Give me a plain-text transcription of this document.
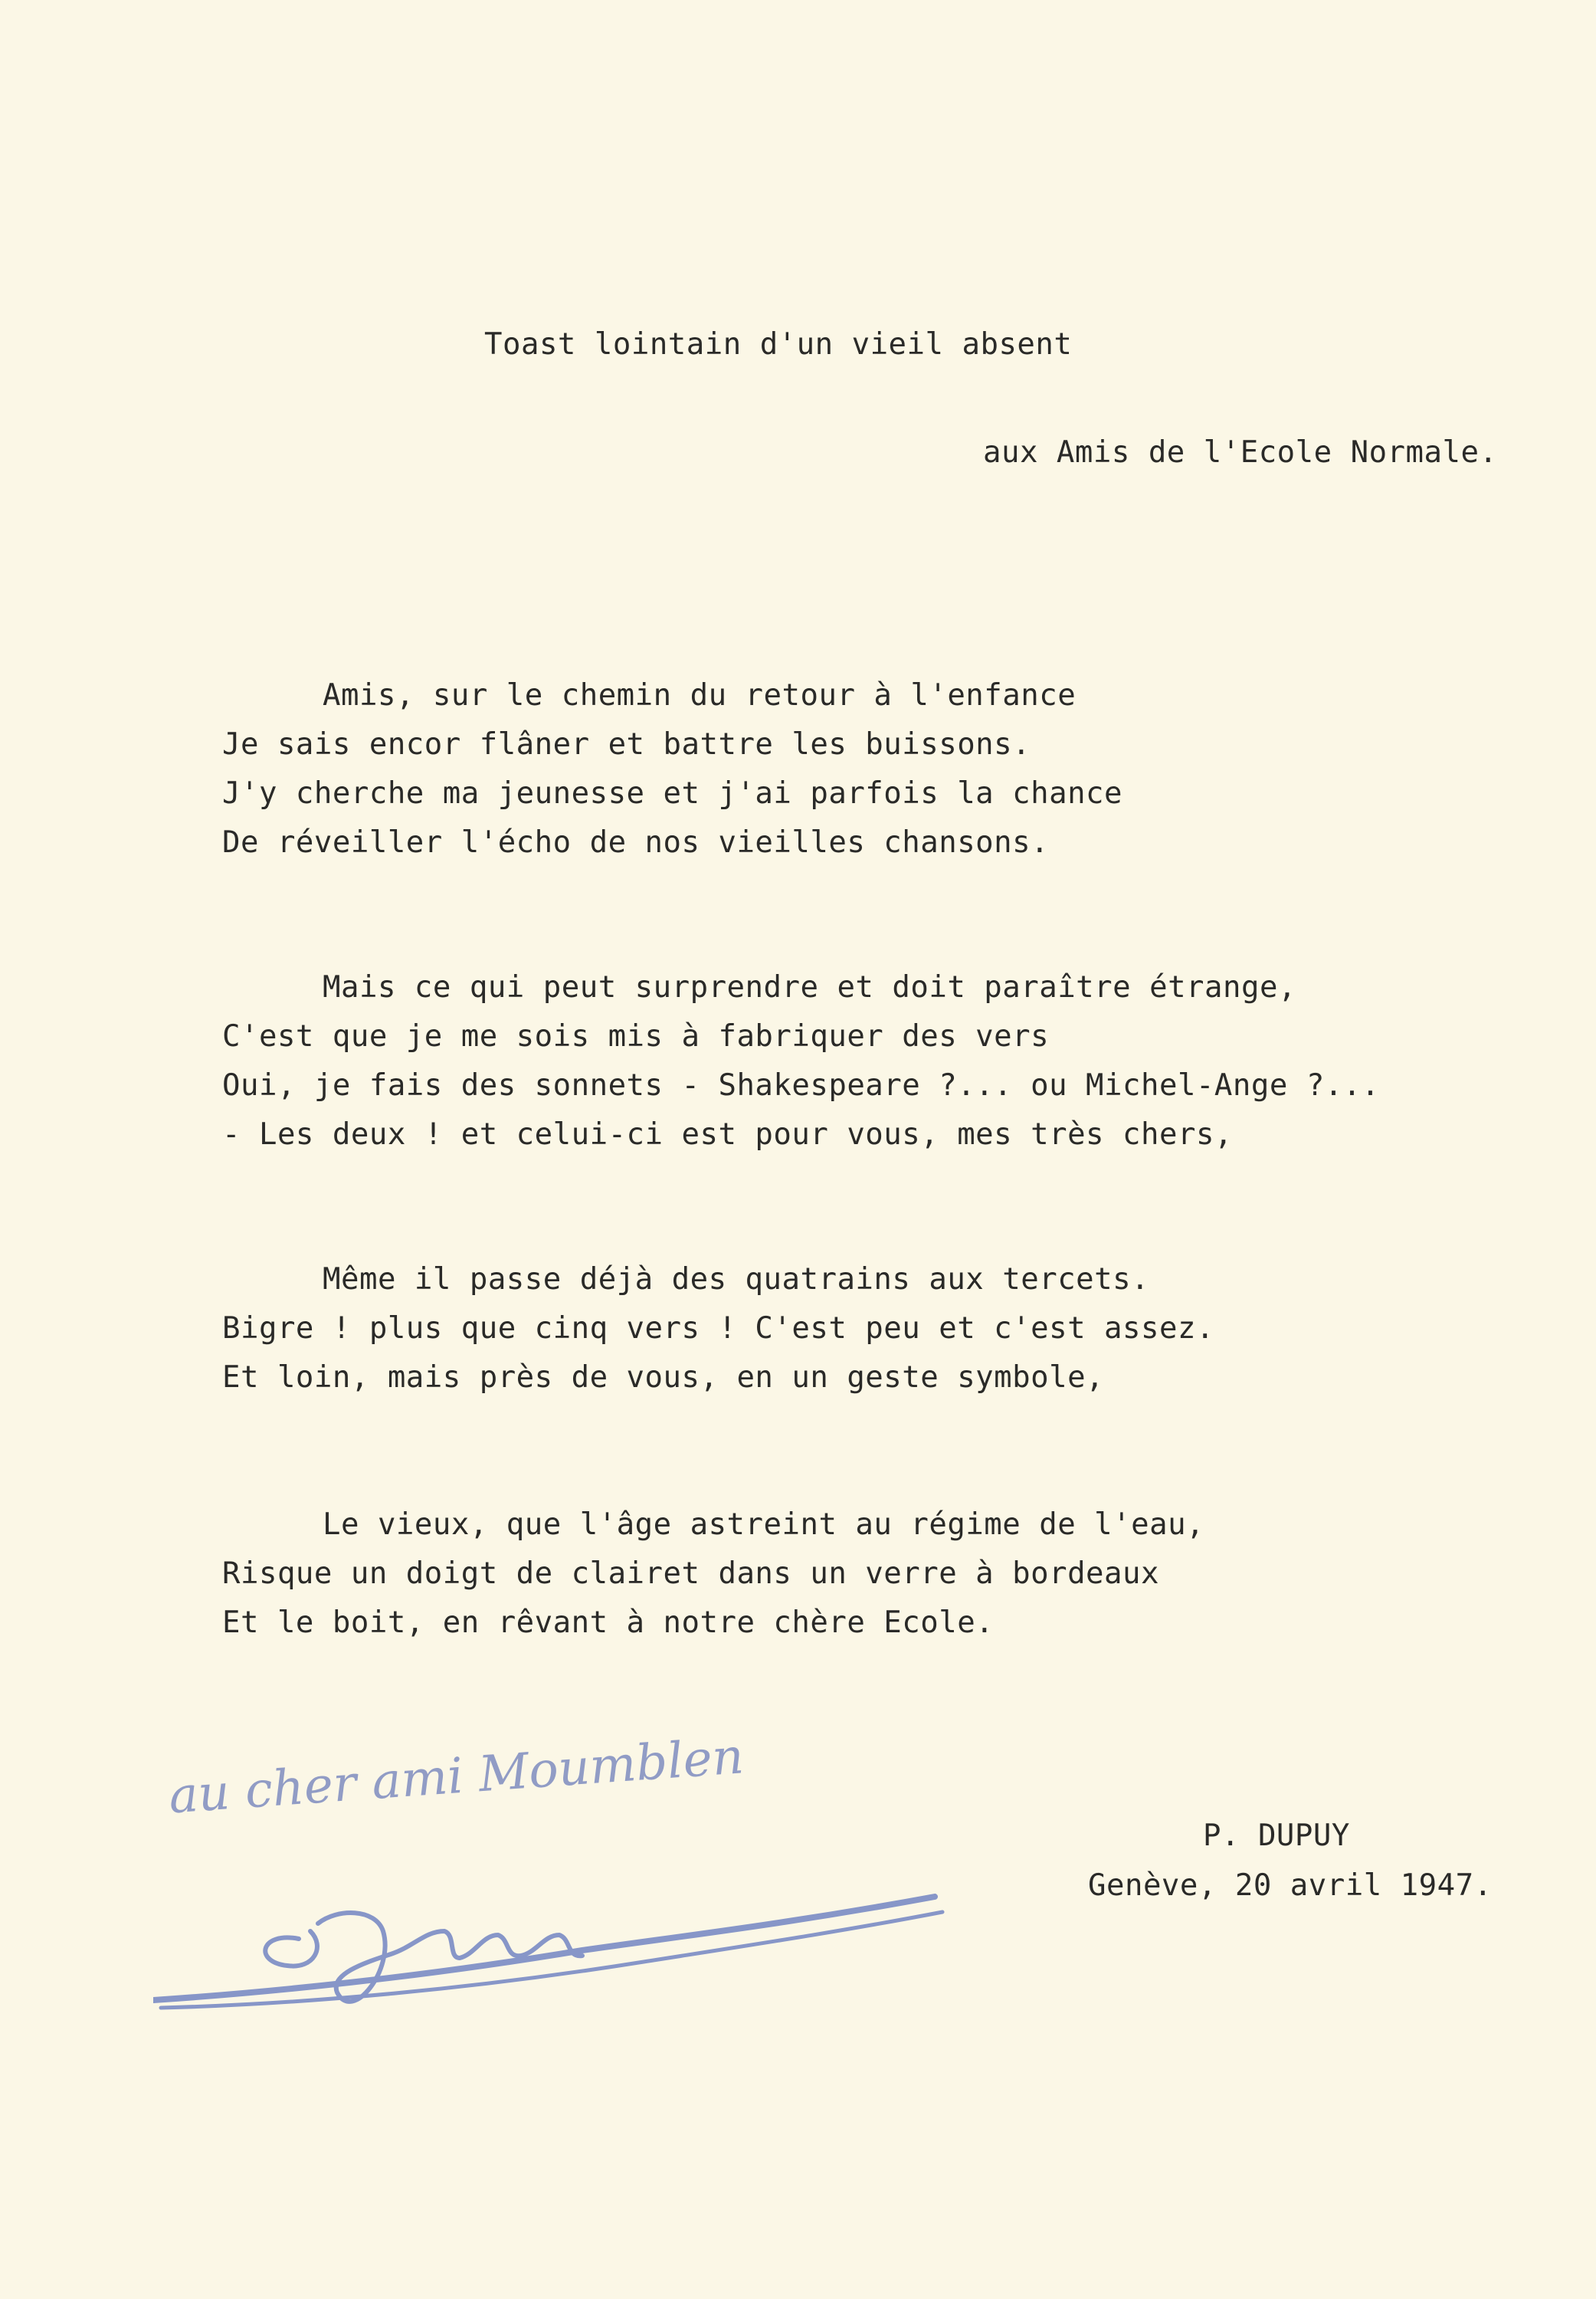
Toast lointain d'un vieil absent
aux Amis de l'Ecole Normale.
Amis, sur le chemin du retour à l'enfance
Je sais encor flâner et battre les buissons.
J'y cherche ma jeunesse et j'ai parfois la chance
De réveiller l'écho de nos vieilles chansons.
Mais ce qui peut surprendre et doit paraître étrange,
C'est que je me sois mis à fabriquer des vers
Oui, je fais des sonnets - Shakespeare ?... ou Michel-Ange ?...
- Les deux ! et celui-ci est pour vous, mes très chers,
Même il passe déjà des quatrains aux tercets.
Bigre ! plus que cinq vers ! C'est peu et c'est assez.
Et loin, mais près de vous, en un geste symbole,
Le vieux, que l'âge astreint au régime de l'eau,
Risque un doigt de clairet dans un verre à bordeaux
Et le boit, en rêvant à notre chère Ecole.
au cher ami Moumblen
P. DUPUY
Genève, 20 avril 1947.
